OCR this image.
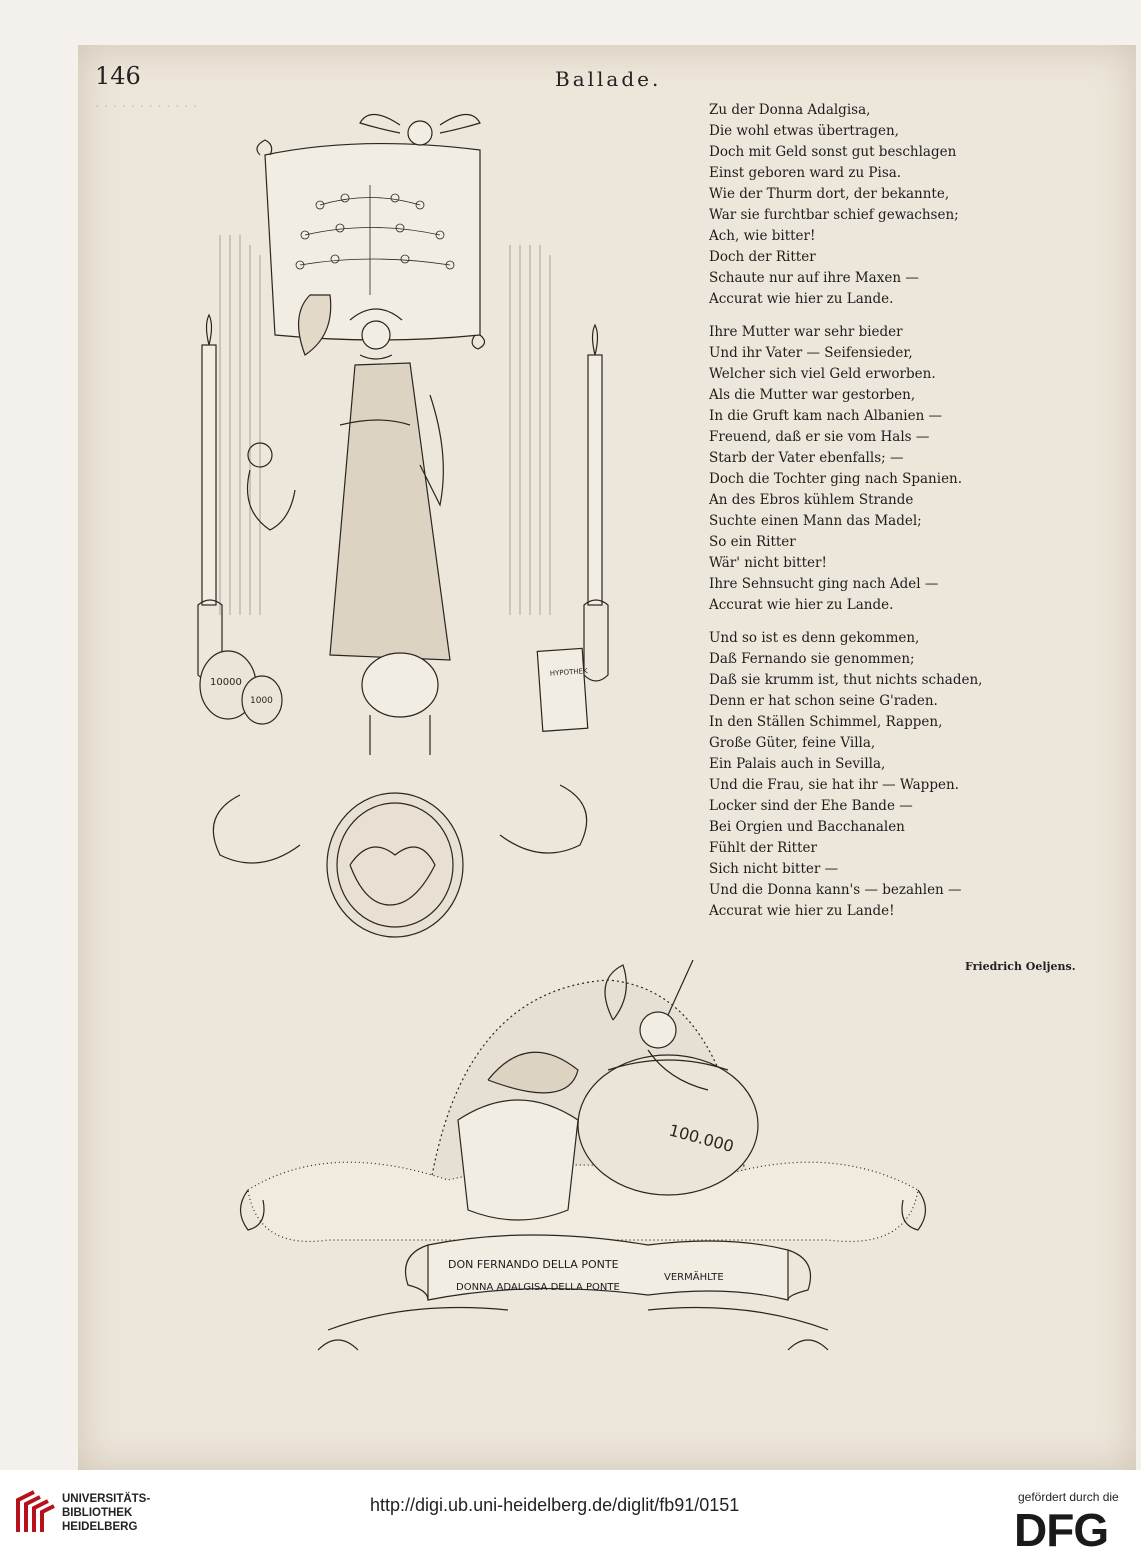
. . . . . . . . . . . .
146	Ballade.
HYPOTHEK
10000
1000
Zu der Donna Adalgisa,
Die wohl etwas übertragen,
Doch mit Geld sonst gut beschlagen
Einst geboren ward zu Pisa.
Wie der Thurm dort, der bekannte,
War sie furchtbar schief gewachsen;
Ach, wie bitter!
Doch der Ritter
Schaute nur auf ihre Maxen —
Accurat wie hier zu Lande.
Ihre Mutter war sehr bieder
Und ihr Vater — Seifensieder,
Welcher sich viel Geld erworben.
Als die Mutter war gestorben,
In die Gruft kam nach Albanien —
Freuend, daß er sie vom Hals —
Starb der Vater ebenfalls; —
Doch die Tochter ging nach Spanien.
An des Ebros kühlem Strande
Suchte einen Mann das Madel;
So ein Ritter
Wär' nicht bitter!
Ihre Sehnsucht ging nach Adel —
Accurat wie hier zu Lande.
Und so ist es denn gekommen,
Daß Fernando sie genommen;
Daß sie krumm ist, thut nichts schaden,
Denn er hat schon seine G'raden.
In den Ställen Schimmel, Rappen,
Große Güter, feine Villa,
Ein Palais auch in Sevilla,
Und die Frau, sie hat ihr — Wappen.
Locker sind der Ehe Bande —
Bei Orgien und Bacchanalen
Fühlt der Ritter
Sich nicht bitter —
Und die Donna kann's — bezahlen —
Accurat wie hier zu Lande!
Friedrich Oeljens.
100.000
DON FERNANDO DELLA PONTE
DONNA ADALGISA DELLA PONTE
VERMÄHLTE
UNIVERSITÄTS-
BIBLIOTHEK
HEIDELBERG
http://digi.ub.uni-heidelberg.de/diglit/fb91/0151	gefördert durch die
DFG
